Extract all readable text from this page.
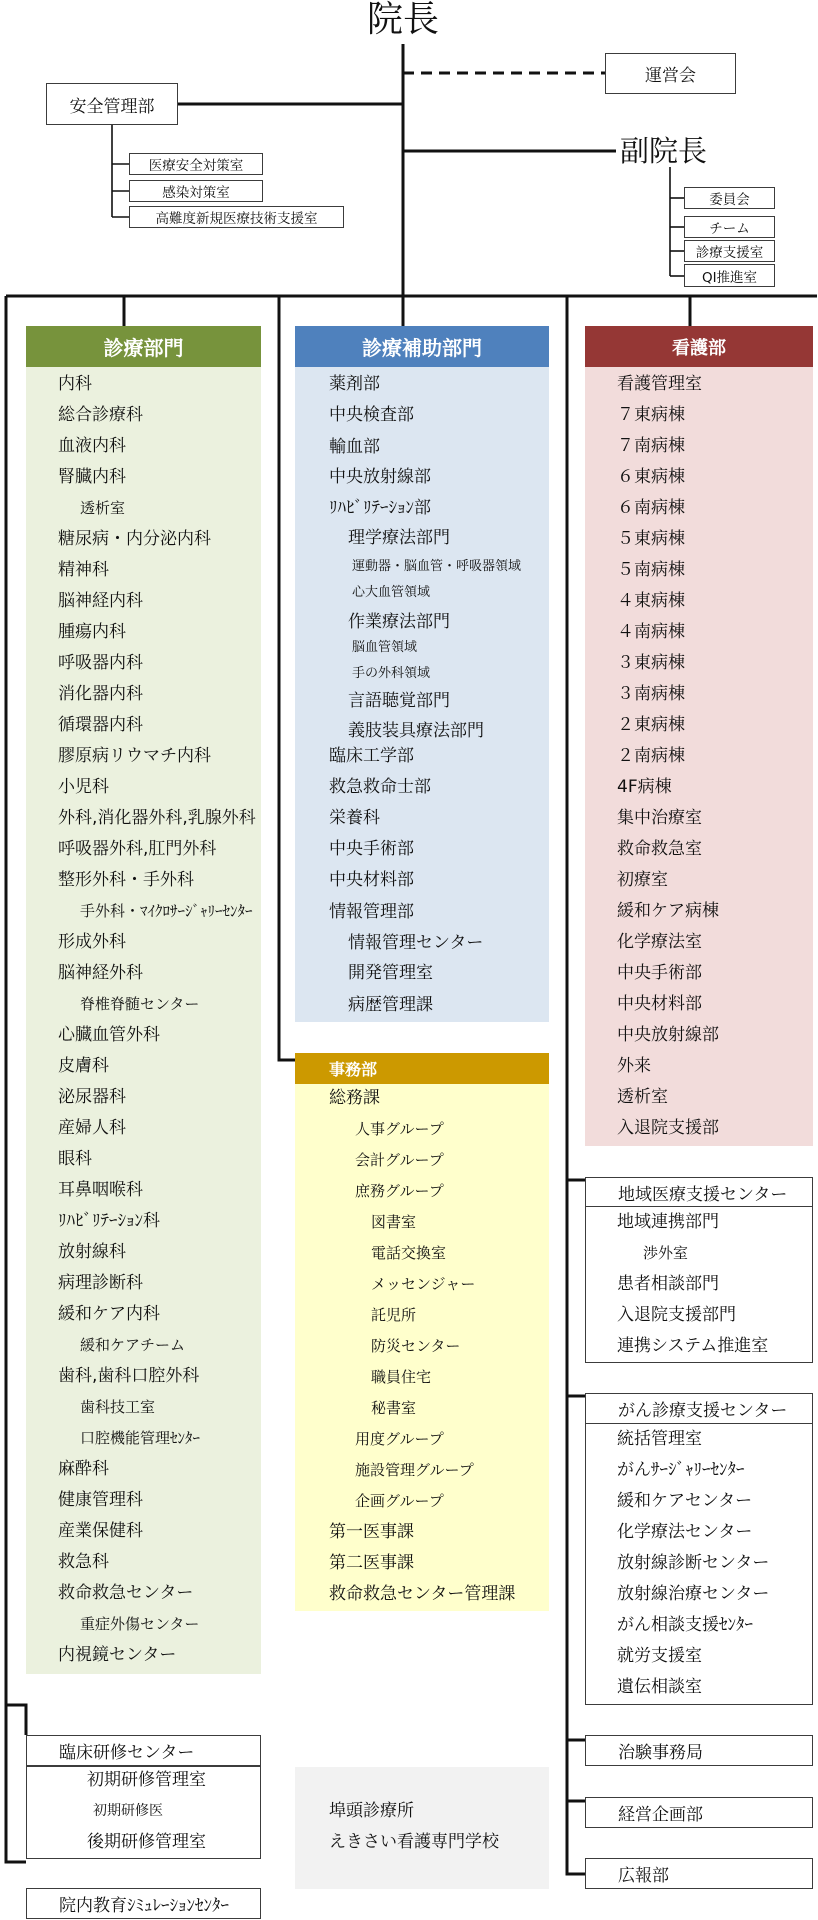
院長
副院長
運営会
安全管理部
医療安全対策室
感染対策室
高難度新規医療技術支援室
委員会
チーム
診療支援室
QI推進室
診療部門	診療補助部門
事務部
埠頭診療所
えきさい看護専門学校
看護部
地域医療支援センター
がん診療支援センター
治験事務局
経営企画部
広報部
臨床研修センター
院内教育ｼﾐｭﾚｰｼｮﾝｾﾝﾀｰ
内科
総合診療科
血液内科
腎臓内科
透析室
糖尿病・内分泌内科
精神科
脳神経内科
腫瘍内科
呼吸器内科
消化器内科
循環器内科
膠原病リウマチ内科
小児科
外科,消化器外科,乳腺外科
呼吸器外科,肛門外科
整形外科・手外科
手外科・ﾏｲｸﾛｻｰｼﾞｬﾘｰｾﾝﾀｰ
形成外科
脳神経外科
脊椎脊髄センター
心臓血管外科
皮膚科
泌尿器科
産婦人科
眼科
耳鼻咽喉科
ﾘﾊﾋﾞﾘﾃｰｼｮﾝ科
放射線科
病理診断科
緩和ケア内科
緩和ケアチーム
歯科,歯科口腔外科
歯科技工室
口腔機能管理ｾﾝﾀｰ
麻酔科
健康管理科
産業保健科
救急科
救命救急センター
重症外傷センター
内視鏡センター
薬剤部
中央検査部
輸血部
中央放射線部
ﾘﾊﾋﾞﾘﾃｰｼｮﾝ部
理学療法部門
運動器・脳血管・呼吸器領域
心大血管領域
作業療法部門
脳血管領域
手の外科領域
言語聴覚部門
義肢装具療法部門
臨床工学部
救急救命士部
栄養科
中央手術部
中央材料部
情報管理部
情報管理センター
開発管理室
病歴管理課
総務課
人事グループ
会計グループ
庶務グループ
図書室
電話交換室
メッセンジャー
託児所
防災センター
職員住宅
秘書室
用度グループ
施設管理グループ
企画グループ
第一医事課
第二医事課
救命救急センター管理課
看護管理室
７東病棟
７南病棟
６東病棟
６南病棟
５東病棟
５南病棟
４東病棟
４南病棟
３東病棟
３南病棟
２東病棟
２南病棟
4F病棟
集中治療室
救命救急室
初療室
緩和ケア病棟
化学療法室
中央手術部
中央材料部
中央放射線部
外来
透析室
入退院支援部
地域連携部門
渉外室
患者相談部門
入退院支援部門
連携システム推進室
統括管理室
がんｻｰｼﾞｬﾘｰｾﾝﾀｰ
緩和ケアセンター
化学療法センター
放射線診断センター
放射線治療センター
がん相談支援ｾﾝﾀｰ
就労支援室
遺伝相談室
初期研修管理室
初期研修医
後期研修管理室
